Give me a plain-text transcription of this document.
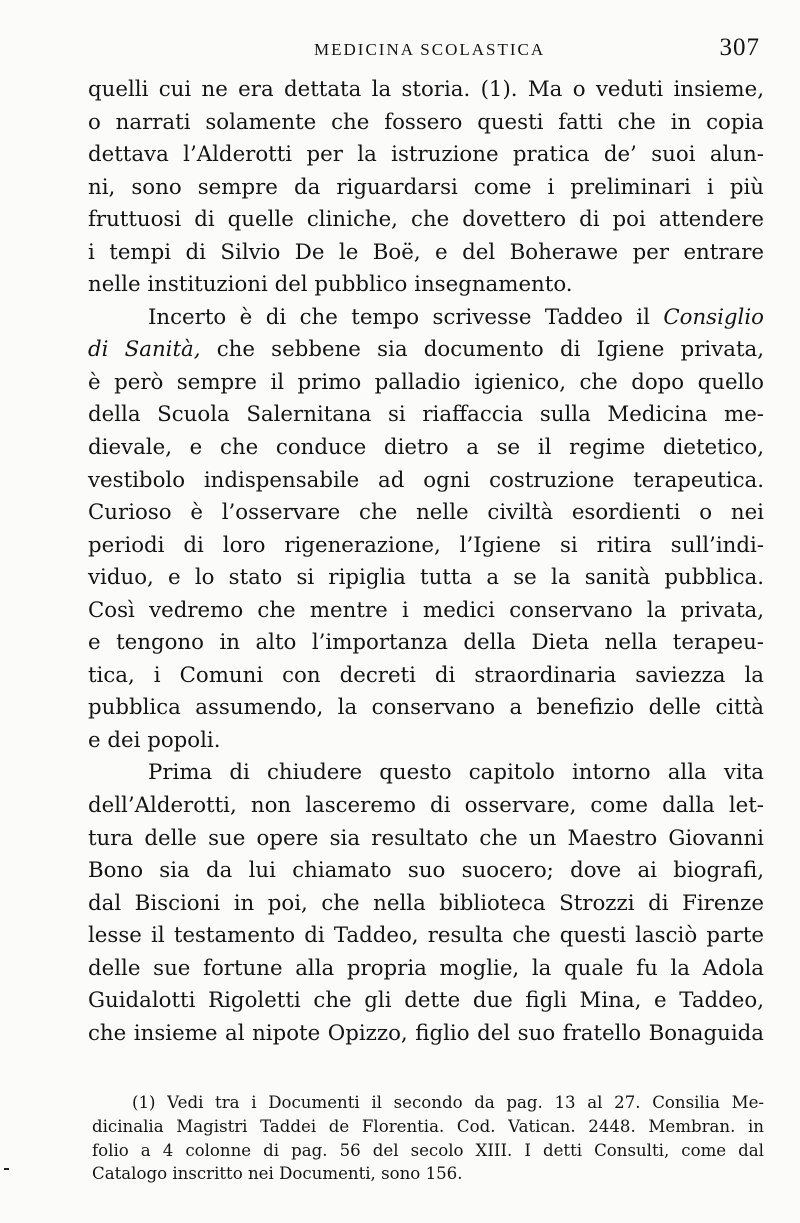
MEDICINA SCOLASTICA	307

quelli cui ne era dettata la storia. (1). Ma o veduti insieme,
o narrati solamente che fossero questi fatti che in copia
dettava l’Alderotti per la istruzione pratica de’ suoi alun-
ni, sono sempre da riguardarsi come i preliminari i più
fruttuosi di quelle cliniche, che dovettero di poi attendere
i tempi di Silvio De le Boë, e del Boherawe per entrare
nelle instituzioni del pubblico insegnamento.

Incerto è di che tempo scrivesse Taddeo il Consiglio
di Sanità, che sebbene sia documento di Igiene privata,
è però sempre il primo palladio igienico, che dopo quello
della Scuola Salernitana si riaffaccia sulla Medicina me-
dievale, e che conduce dietro a se il regime dietetico,
vestibolo indispensabile ad ogni costruzione terapeutica.
Curioso è l’osservare che nelle civiltà esordienti o nei
periodi di loro rigenerazione, l’Igiene si ritira sull’indi-
viduo, e lo stato si ripiglia tutta a se la sanità pubblica.
Così vedremo che mentre i medici conservano la privata,
e tengono in alto l’importanza della Dieta nella terapeu-
tica, i Comuni con decreti di straordinaria saviezza la
pubblica assumendo, la conservano a benefizio delle città
e dei popoli.

Prima di chiudere questo capitolo intorno alla vita
dell’Alderotti, non lasceremo di osservare, come dalla let-
tura delle sue opere sia resultato che un Maestro Giovanni
Bono sia da lui chiamato suo suocero; dove ai biografi,
dal Biscioni in poi, che nella biblioteca Strozzi di Firenze
lesse il testamento di Taddeo, resulta che questi lasciò parte
delle sue fortune alla propria moglie, la quale fu la Adola
Guidalotti Rigoletti che gli dette due figli Mina, e Taddeo,
che insieme al nipote Opizzo, figlio del suo fratello Bonaguida

(1) Vedi tra i Documenti il secondo da pag. 13 al 27. Consilia Me-
dicinalia Magistri Taddei de Florentia. Cod. Vatican. 2448. Membran. in
folio a 4 colonne di pag. 56 del secolo XIII. I detti Consulti, come dal
Catalogo inscritto nei Documenti, sono 156.
